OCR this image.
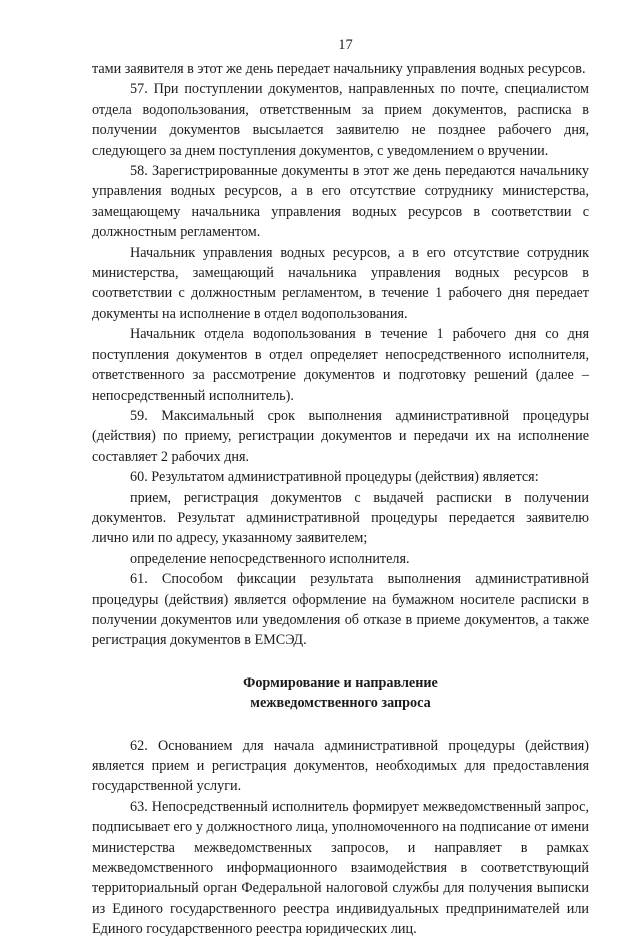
17

тами заявителя в этот же день передает начальнику управления водных ресурсов.

57. При поступлении документов, направленных по почте, специалистом отдела водопользования, ответственным за прием документов, расписка в получении документов высылается заявителю не позднее рабочего дня, следующего за днем поступления документов, с уведомлением о вручении.

58. Зарегистрированные документы в этот же день передаются начальнику управления водных ресурсов, а в его отсутствие сотруднику министерства, замещающему начальника управления водных ресурсов в соответствии с должностным регламентом.

Начальник управления водных ресурсов, а в его отсутствие сотрудник министерства, замещающий начальника управления водных ресурсов в соответствии с должностным регламентом, в течение 1 рабочего дня передает документы на исполнение в отдел водопользования.

Начальник отдела водопользования в течение 1 рабочего дня со дня поступления документов в отдел определяет непосредственного исполнителя, ответственного за рассмотрение документов и подготовку решений (далее – непосредственный исполнитель).

59. Максимальный срок выполнения административной процедуры (действия) по приему, регистрации документов и передачи их на исполнение составляет 2 рабочих дня.

60. Результатом административной процедуры (действия) является:

прием, регистрация документов с выдачей расписки в получении документов. Результат административной процедуры передается заявителю лично или по адресу, указанному заявителем;

определение непосредственного исполнителя.

61. Способом фиксации результата выполнения административной процедуры (действия) является оформление на бумажном носителе расписки в получении документов или уведомления об отказе в приеме документов, а также регистрация документов в ЕМСЭД.

Формирование и направление
межведомственного запроса

62. Основанием для начала административной процедуры (действия) является прием и регистрация документов, необходимых для предоставления государственной услуги.

63. Непосредственный исполнитель формирует межведомственный запрос, подписывает его у должностного лица, уполномоченного на подписание от имени министерства межведомственных запросов, и направляет в рамках межведомственного информационного взаимодействия в соответствующий территориальный орган Федеральной налоговой службы для получения выписки из Единого государственного реестра индивидуальных предпринимателей или Единого государственного реестра юридических лиц.
